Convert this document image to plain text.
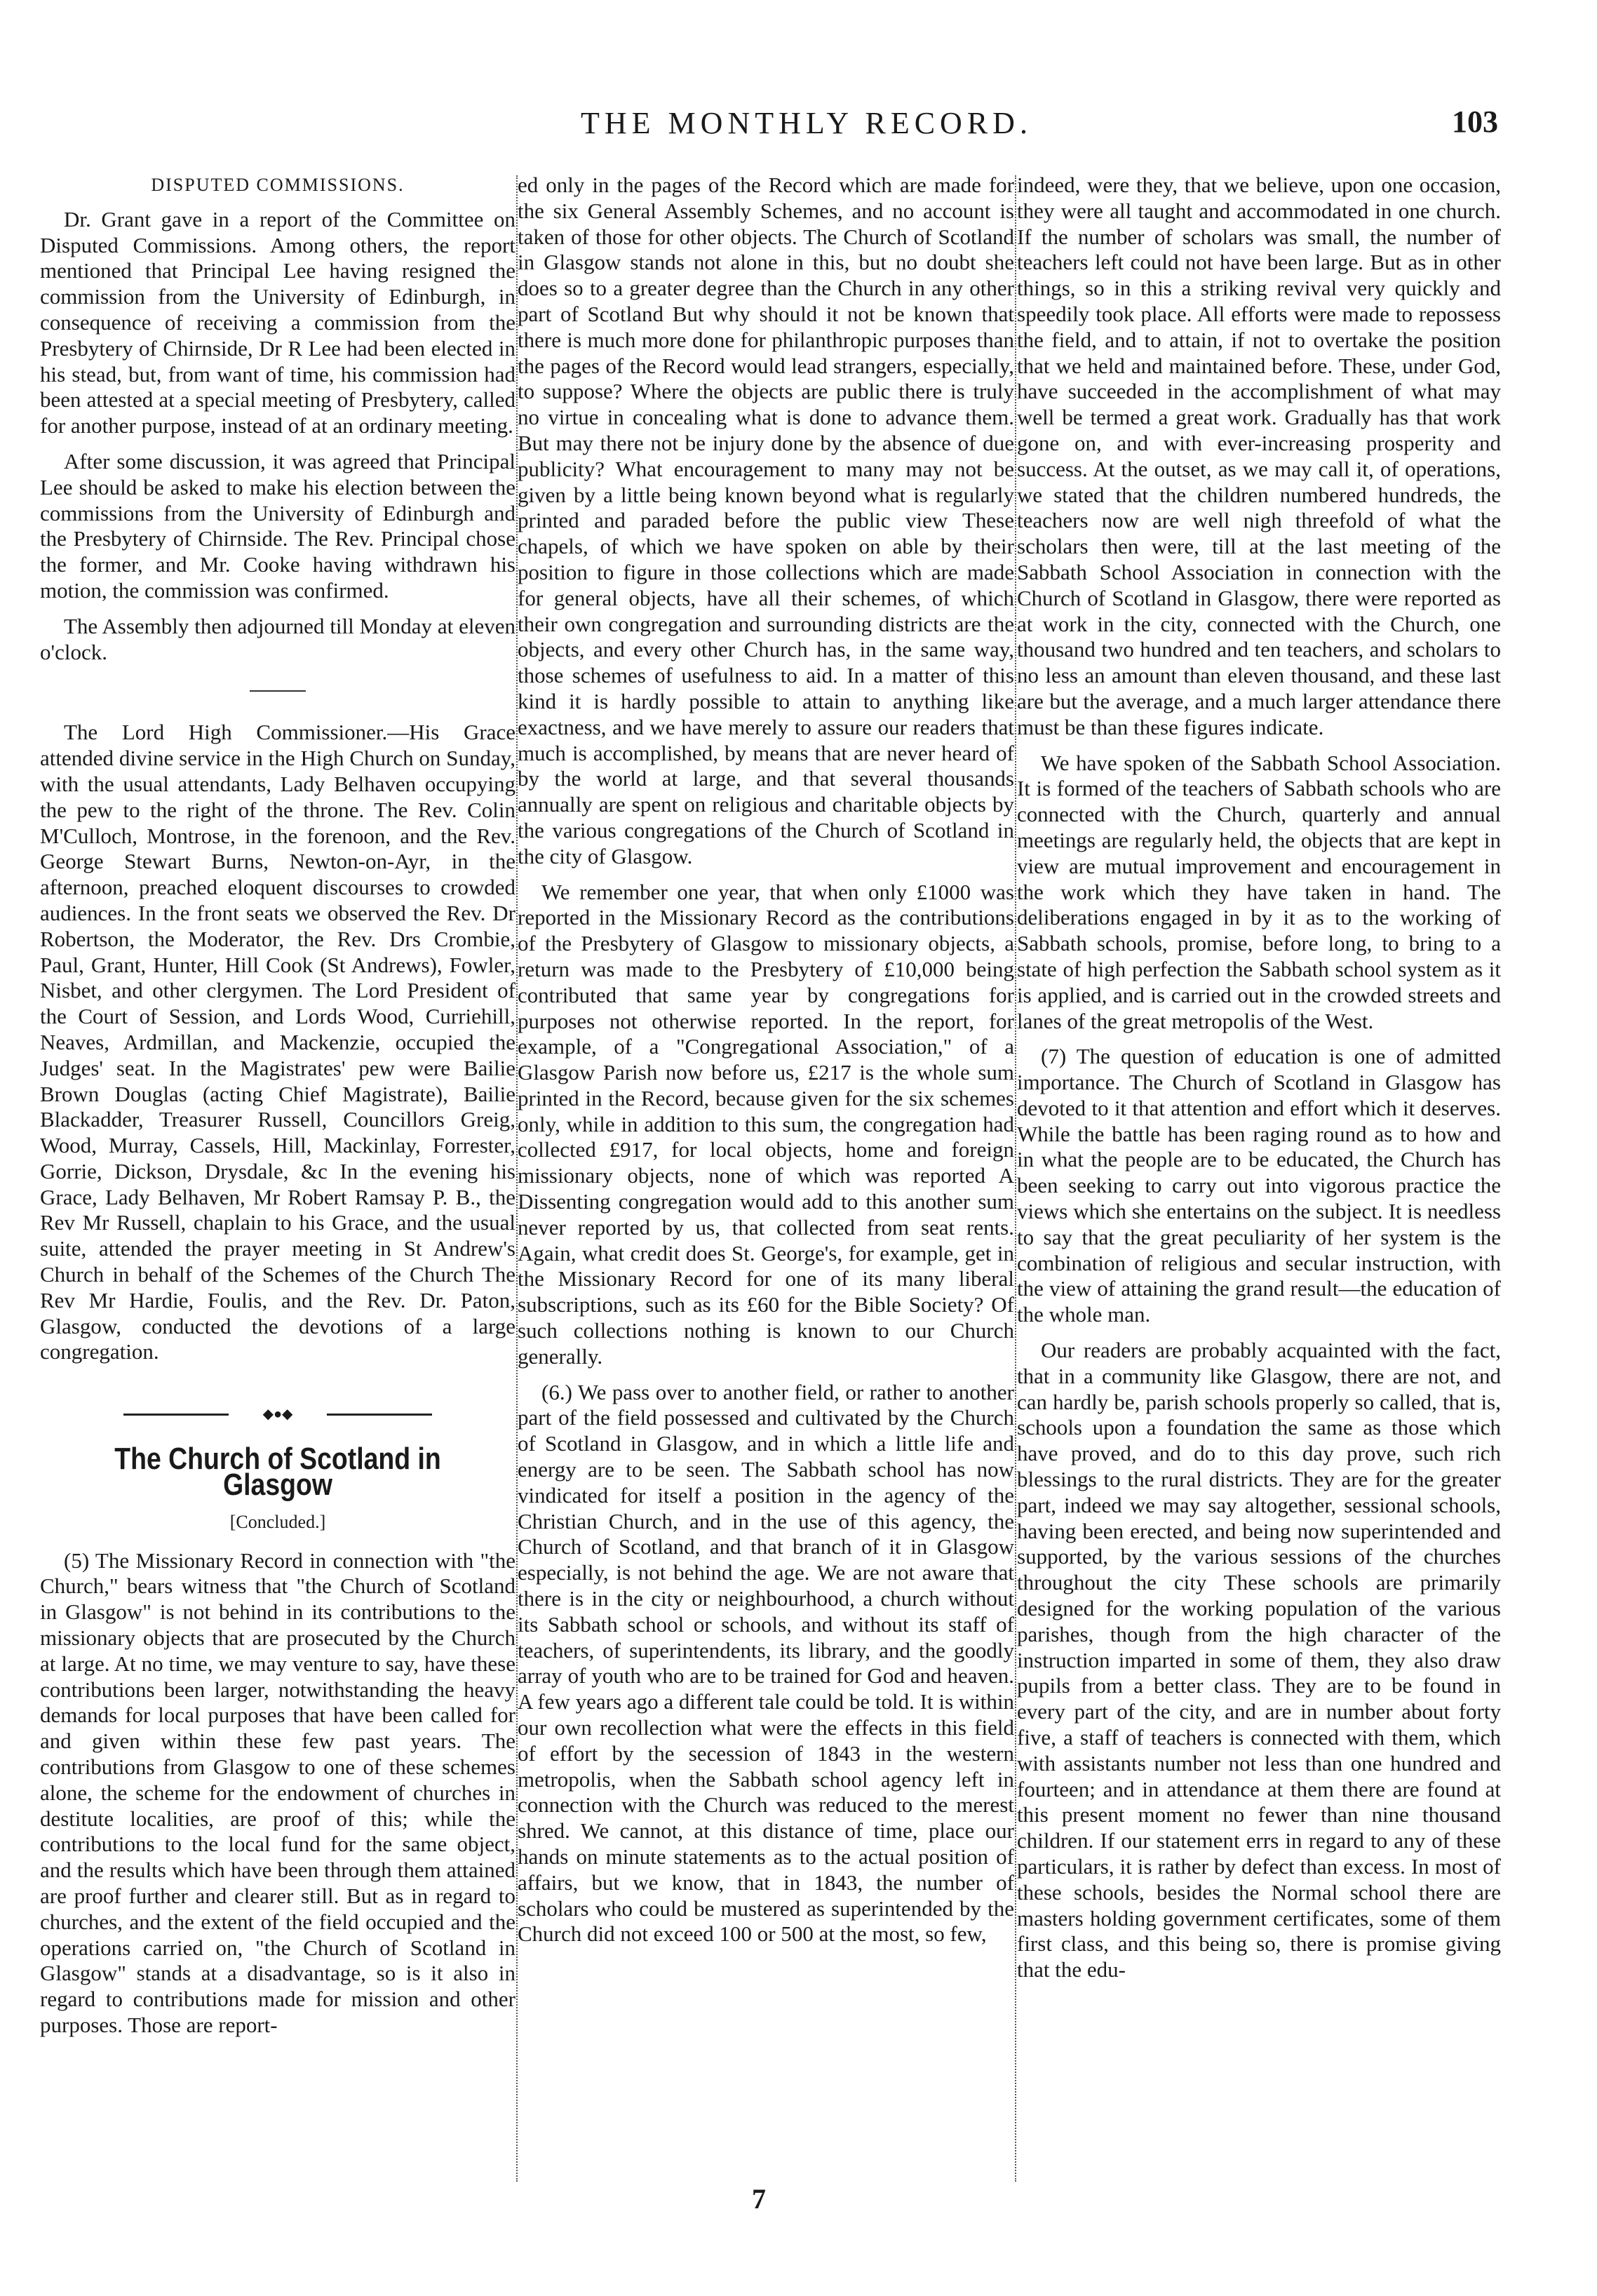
THE MONTHLY RECORD.	103

DISPUTED COMMISSIONS.

Dr. Grant gave in a report of the Committee on Disputed Commissions. Among others, the report mentioned that Principal Lee having resigned the commission from the University of Edinburgh, in consequence of receiving a commission from the Presbytery of Chirnside, Dr R Lee had been elected in his stead, but, from want of time, his commission had been attested at a special meeting of Presbytery, called for another purpose, instead of at an ordinary meeting.

After some discussion, it was agreed that Principal Lee should be asked to make his election between the commissions from the University of Edinburgh and the Presbytery of Chirnside. The Rev. Principal chose the former, and Mr. Cooke having withdrawn his motion, the commission was confirmed.

The Assembly then adjourned till Monday at eleven o'clock.

The Lord High Commissioner.—His Grace attended divine service in the High Church on Sunday, with the usual attendants, Lady Belhaven occupying the pew to the right of the throne. The Rev. Colin M'Culloch, Montrose, in the forenoon, and the Rev. George Stewart Burns, Newton-on-Ayr, in the afternoon, preached eloquent discourses to crowded audiences. In the front seats we observed the Rev. Dr Robertson, the Moderator, the Rev. Drs Crombie, Paul, Grant, Hunter, Hill Cook (St Andrews), Fowler, Nisbet, and other clergymen. The Lord President of the Court of Session, and Lords Wood, Curriehill, Neaves, Ardmillan, and Mackenzie, occupied the Judges' seat. In the Magistrates' pew were Bailie Brown Douglas (acting Chief Magistrate), Bailie Blackadder, Treasurer Russell, Councillors Greig, Wood, Murray, Cassels, Hill, Mackinlay, Forrester, Gorrie, Dickson, Drysdale, &c In the evening his Grace, Lady Belhaven, Mr Robert Ramsay P. B., the Rev Mr Russell, chaplain to his Grace, and the usual suite, attended the prayer meeting in St Andrew's Church in behalf of the Schemes of the Church The Rev Mr Hardie, Foulis, and the Rev. Dr. Paton, Glasgow, conducted the devotions of a large congregation.

◆●◆

The Church of Scotland in Glasgow

[Concluded.]

(5) The Missionary Record in connection with "the Church," bears witness that "the Church of Scotland in Glasgow" is not behind in its contributions to the missionary objects that are prosecuted by the Church at large. At no time, we may venture to say, have these contributions been larger, notwithstanding the heavy demands for local purposes that have been called for and given within these few past years. The contributions from Glasgow to one of these schemes alone, the scheme for the endowment of churches in destitute localities, are proof of this; while the contributions to the local fund for the same object, and the results which have been through them attained are proof further and clearer still. But as in regard to churches, and the extent of the field occupied and the operations carried on, "the Church of Scotland in Glasgow" stands at a disadvantage, so is it also in regard to contributions made for mission and other purposes. Those are report-

ed only in the pages of the Record which are made for the six General Assembly Schemes, and no account is taken of those for other objects. The Church of Scotland in Glasgow stands not alone in this, but no doubt she does so to a greater degree than the Church in any other part of Scotland But why should it not be known that there is much more done for philanthropic purposes than the pages of the Record would lead strangers, especially, to suppose? Where the objects are public there is truly no virtue in concealing what is done to advance them. But may there not be injury done by the absence of due publicity? What encouragement to many may not be given by a little being known beyond what is regularly printed and paraded before the public view These chapels, of which we have spoken on able by their position to figure in those collections which are made for general objects, have all their schemes, of which their own congregation and surrounding districts are the objects, and every other Church has, in the same way, those schemes of usefulness to aid. In a matter of this kind it is hardly possible to attain to anything like exactness, and we have merely to assure our readers that much is accomplished, by means that are never heard of by the world at large, and that several thousands annually are spent on religious and charitable objects by the various congregations of the Church of Scotland in the city of Glasgow.

We remember one year, that when only £1000 was reported in the Missionary Record as the contributions of the Presbytery of Glasgow to missionary objects, a return was made to the Presbytery of £10,000 being contributed that same year by congregations for purposes not otherwise reported. In the report, for example, of a "Congregational Association," of a Glasgow Parish now before us, £217 is the whole sum printed in the Record, because given for the six schemes only, while in addition to this sum, the congregation had collected £917, for local objects, home and foreign missionary objects, none of which was reported A Dissenting congregation would add to this another sum never reported by us, that collected from seat rents. Again, what credit does St. George's, for example, get in the Missionary Record for one of its many liberal subscriptions, such as its £60 for the Bible Society? Of such collections nothing is known to our Church generally.

(6.) We pass over to another field, or rather to another part of the field possessed and cultivated by the Church of Scotland in Glasgow, and in which a little life and energy are to be seen. The Sabbath school has now vindicated for itself a position in the agency of the Christian Church, and in the use of this agency, the Church of Scotland, and that branch of it in Glasgow especially, is not behind the age. We are not aware that there is in the city or neighbourhood, a church without its Sabbath school or schools, and without its staff of teachers, of superintendents, its library, and the goodly array of youth who are to be trained for God and heaven. A few years ago a different tale could be told. It is within our own recollection what were the effects in this field of effort by the secession of 1843 in the western metropolis, when the Sabbath school agency left in connection with the Church was reduced to the merest shred. We cannot, at this distance of time, place our hands on minute statements as to the actual position of affairs, but we know, that in 1843, the number of scholars who could be mustered as superintended by the Church did not exceed 100 or 500 at the most, so few,

indeed, were they, that we believe, upon one occasion, they were all taught and accommodated in one church. If the number of scholars was small, the number of teachers left could not have been large. But as in other things, so in this a striking revival very quickly and speedily took place. All efforts were made to repossess the field, and to attain, if not to overtake the position that we held and maintained before. These, under God, have succeeded in the accomplishment of what may well be termed a great work. Gradually has that work gone on, and with ever-increasing prosperity and success. At the outset, as we may call it, of operations, we stated that the children numbered hundreds, the teachers now are well nigh threefold of what the scholars then were, till at the last meeting of the Sabbath School Association in connection with the Church of Scotland in Glasgow, there were reported as at work in the city, connected with the Church, one thousand two hundred and ten teachers, and scholars to no less an amount than eleven thousand, and these last are but the average, and a much larger attendance there must be than these figures indicate.

We have spoken of the Sabbath School Association. It is formed of the teachers of Sabbath schools who are connected with the Church, quarterly and annual meetings are regularly held, the objects that are kept in view are mutual improvement and encouragement in the work which they have taken in hand. The deliberations engaged in by it as to the working of Sabbath schools, promise, before long, to bring to a state of high perfection the Sabbath school system as it is applied, and is carried out in the crowded streets and lanes of the great metropolis of the West.

(7) The question of education is one of admitted importance. The Church of Scotland in Glasgow has devoted to it that attention and effort which it deserves. While the battle has been raging round as to how and in what the people are to be educated, the Church has been seeking to carry out into vigorous practice the views which she entertains on the subject. It is needless to say that the great peculiarity of her system is the combination of religious and secular instruction, with the view of attaining the grand result—the education of the whole man.

Our readers are probably acquainted with the fact, that in a community like Glasgow, there are not, and can hardly be, parish schools properly so called, that is, schools upon a foundation the same as those which have proved, and do to this day prove, such rich blessings to the rural districts. They are for the greater part, indeed we may say altogether, sessional schools, having been erected, and being now superintended and supported, by the various sessions of the churches throughout the city These schools are primarily designed for the working population of the various parishes, though from the high character of the instruction imparted in some of them, they also draw pupils from a better class. They are to be found in every part of the city, and are in number about forty five, a staff of teachers is connected with them, which with assistants number not less than one hundred and fourteen; and in attendance at them there are found at this present moment no fewer than nine thousand children. If our statement errs in regard to any of these particulars, it is rather by defect than excess. In most of these schools, besides the Normal school there are masters holding government certificates, some of them first class, and this being so, there is promise giving that the edu-

7
